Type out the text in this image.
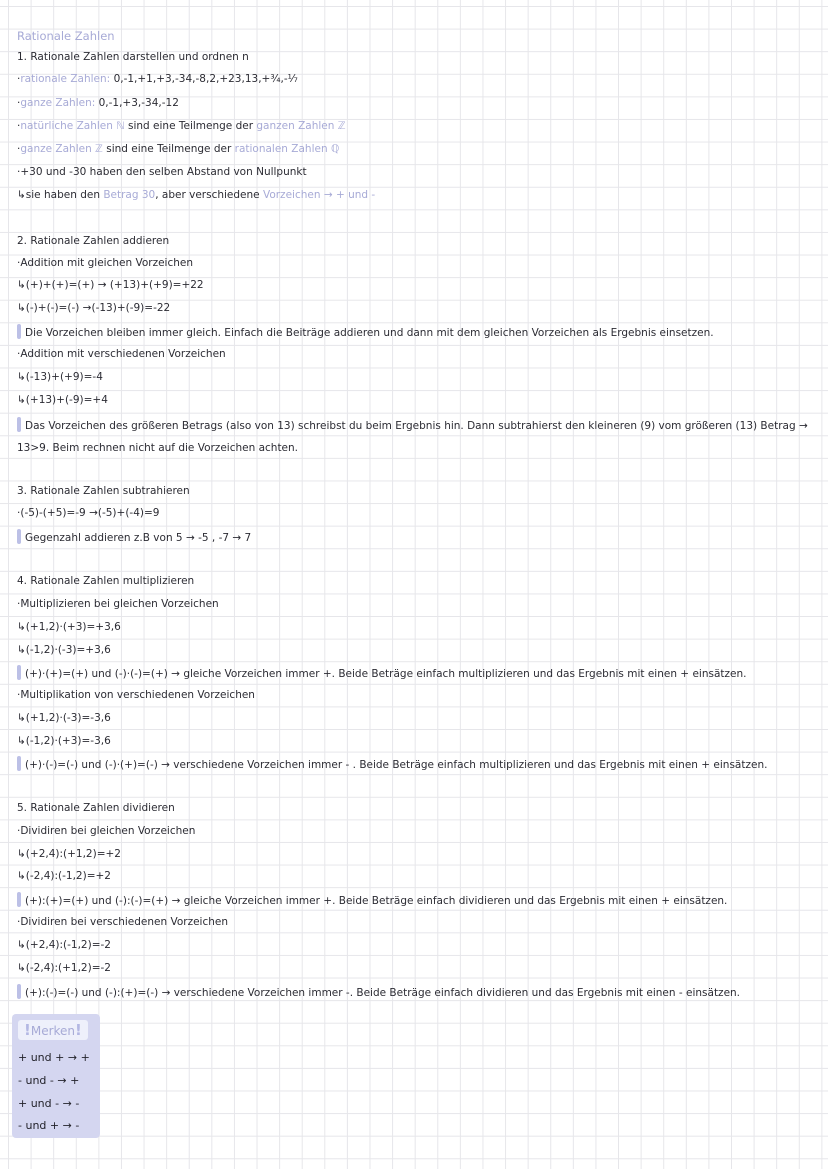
Rationale Zahlen
1. Rationale Zahlen darstellen und ordnen n
·rationale Zahlen: 0,-1,+1,+3,-34,-8,2,+23,13,+¾,-⅐
·ganze Zahlen: 0,-1,+3,-34,-12
·natürliche Zahlen ℕ sind eine Teilmenge der ganzen Zahlen ℤ
·ganze Zahlen ℤ sind eine Teilmenge der rationalen Zahlen ℚ
·+30 und -30 haben den selben Abstand von Nullpunkt
↳sie haben den Betrag 30, aber verschiedene Vorzeichen → + und -
2. Rationale Zahlen addieren
·Addition mit gleichen Vorzeichen
↳(+)+(+)=(+) → (+13)+(+9)=+22
↳(-)+(-)=(-) →(-13)+(-9)=-22
Die Vorzeichen bleiben immer gleich. Einfach die Beiträge addieren und dann mit dem gleichen Vorzeichen als Ergebnis einsetzen.
·Addition mit verschiedenen Vorzeichen
↳(-13)+(+9)=-4
↳(+13)+(-9)=+4
Das Vorzeichen des größeren Betrags (also von 13) schreibst du beim Ergebnis hin. Dann subtrahierst den kleineren (9) vom größeren (13) Betrag → 13>9. Beim rechnen nicht auf die Vorzeichen achten.
3. Rationale Zahlen subtrahieren
·(-5)-(+5)=-9 →(-5)+(-4)=9
Gegenzahl addieren z.B von 5 → -5 , -7 → 7
4. Rationale Zahlen multiplizieren
·Multiplizieren bei gleichen Vorzeichen
↳(+1,2)·(+3)=+3,6
↳(-1,2)·(-3)=+3,6
(+)·(+)=(+) und (-)·(-)=(+) → gleiche Vorzeichen immer +. Beide Beträge einfach multiplizieren und das Ergebnis mit einen + einsätzen.
·Multiplikation von verschiedenen Vorzeichen
↳(+1,2)·(-3)=-3,6
↳(-1,2)·(+3)=-3,6
(+)·(-)=(-) und (-)·(+)=(-) → verschiedene Vorzeichen immer - . Beide Beträge einfach multiplizieren und das Ergebnis mit einen + einsätzen.
5. Rationale Zahlen dividieren
·Dividiren bei gleichen Vorzeichen
↳(+2,4):(+1,2)=+2
↳(-2,4):(-1,2)=+2
(+):(+)=(+) und (-):(-)=(+) → gleiche Vorzeichen immer +. Beide Beträge einfach dividieren und das Ergebnis mit einen + einsätzen.
·Dividiren bei verschiedenen Vorzeichen
↳(+2,4):(-1,2)=-2
↳(-2,4):(+1,2)=-2
(+):(-)=(-) und (-):(+)=(-) → verschiedene Vorzeichen immer -. Beide Beträge einfach dividieren und das Ergebnis mit einen - einsätzen.
!Merken!
+ und + → +
- und - → +
+ und - → -
- und + → -
